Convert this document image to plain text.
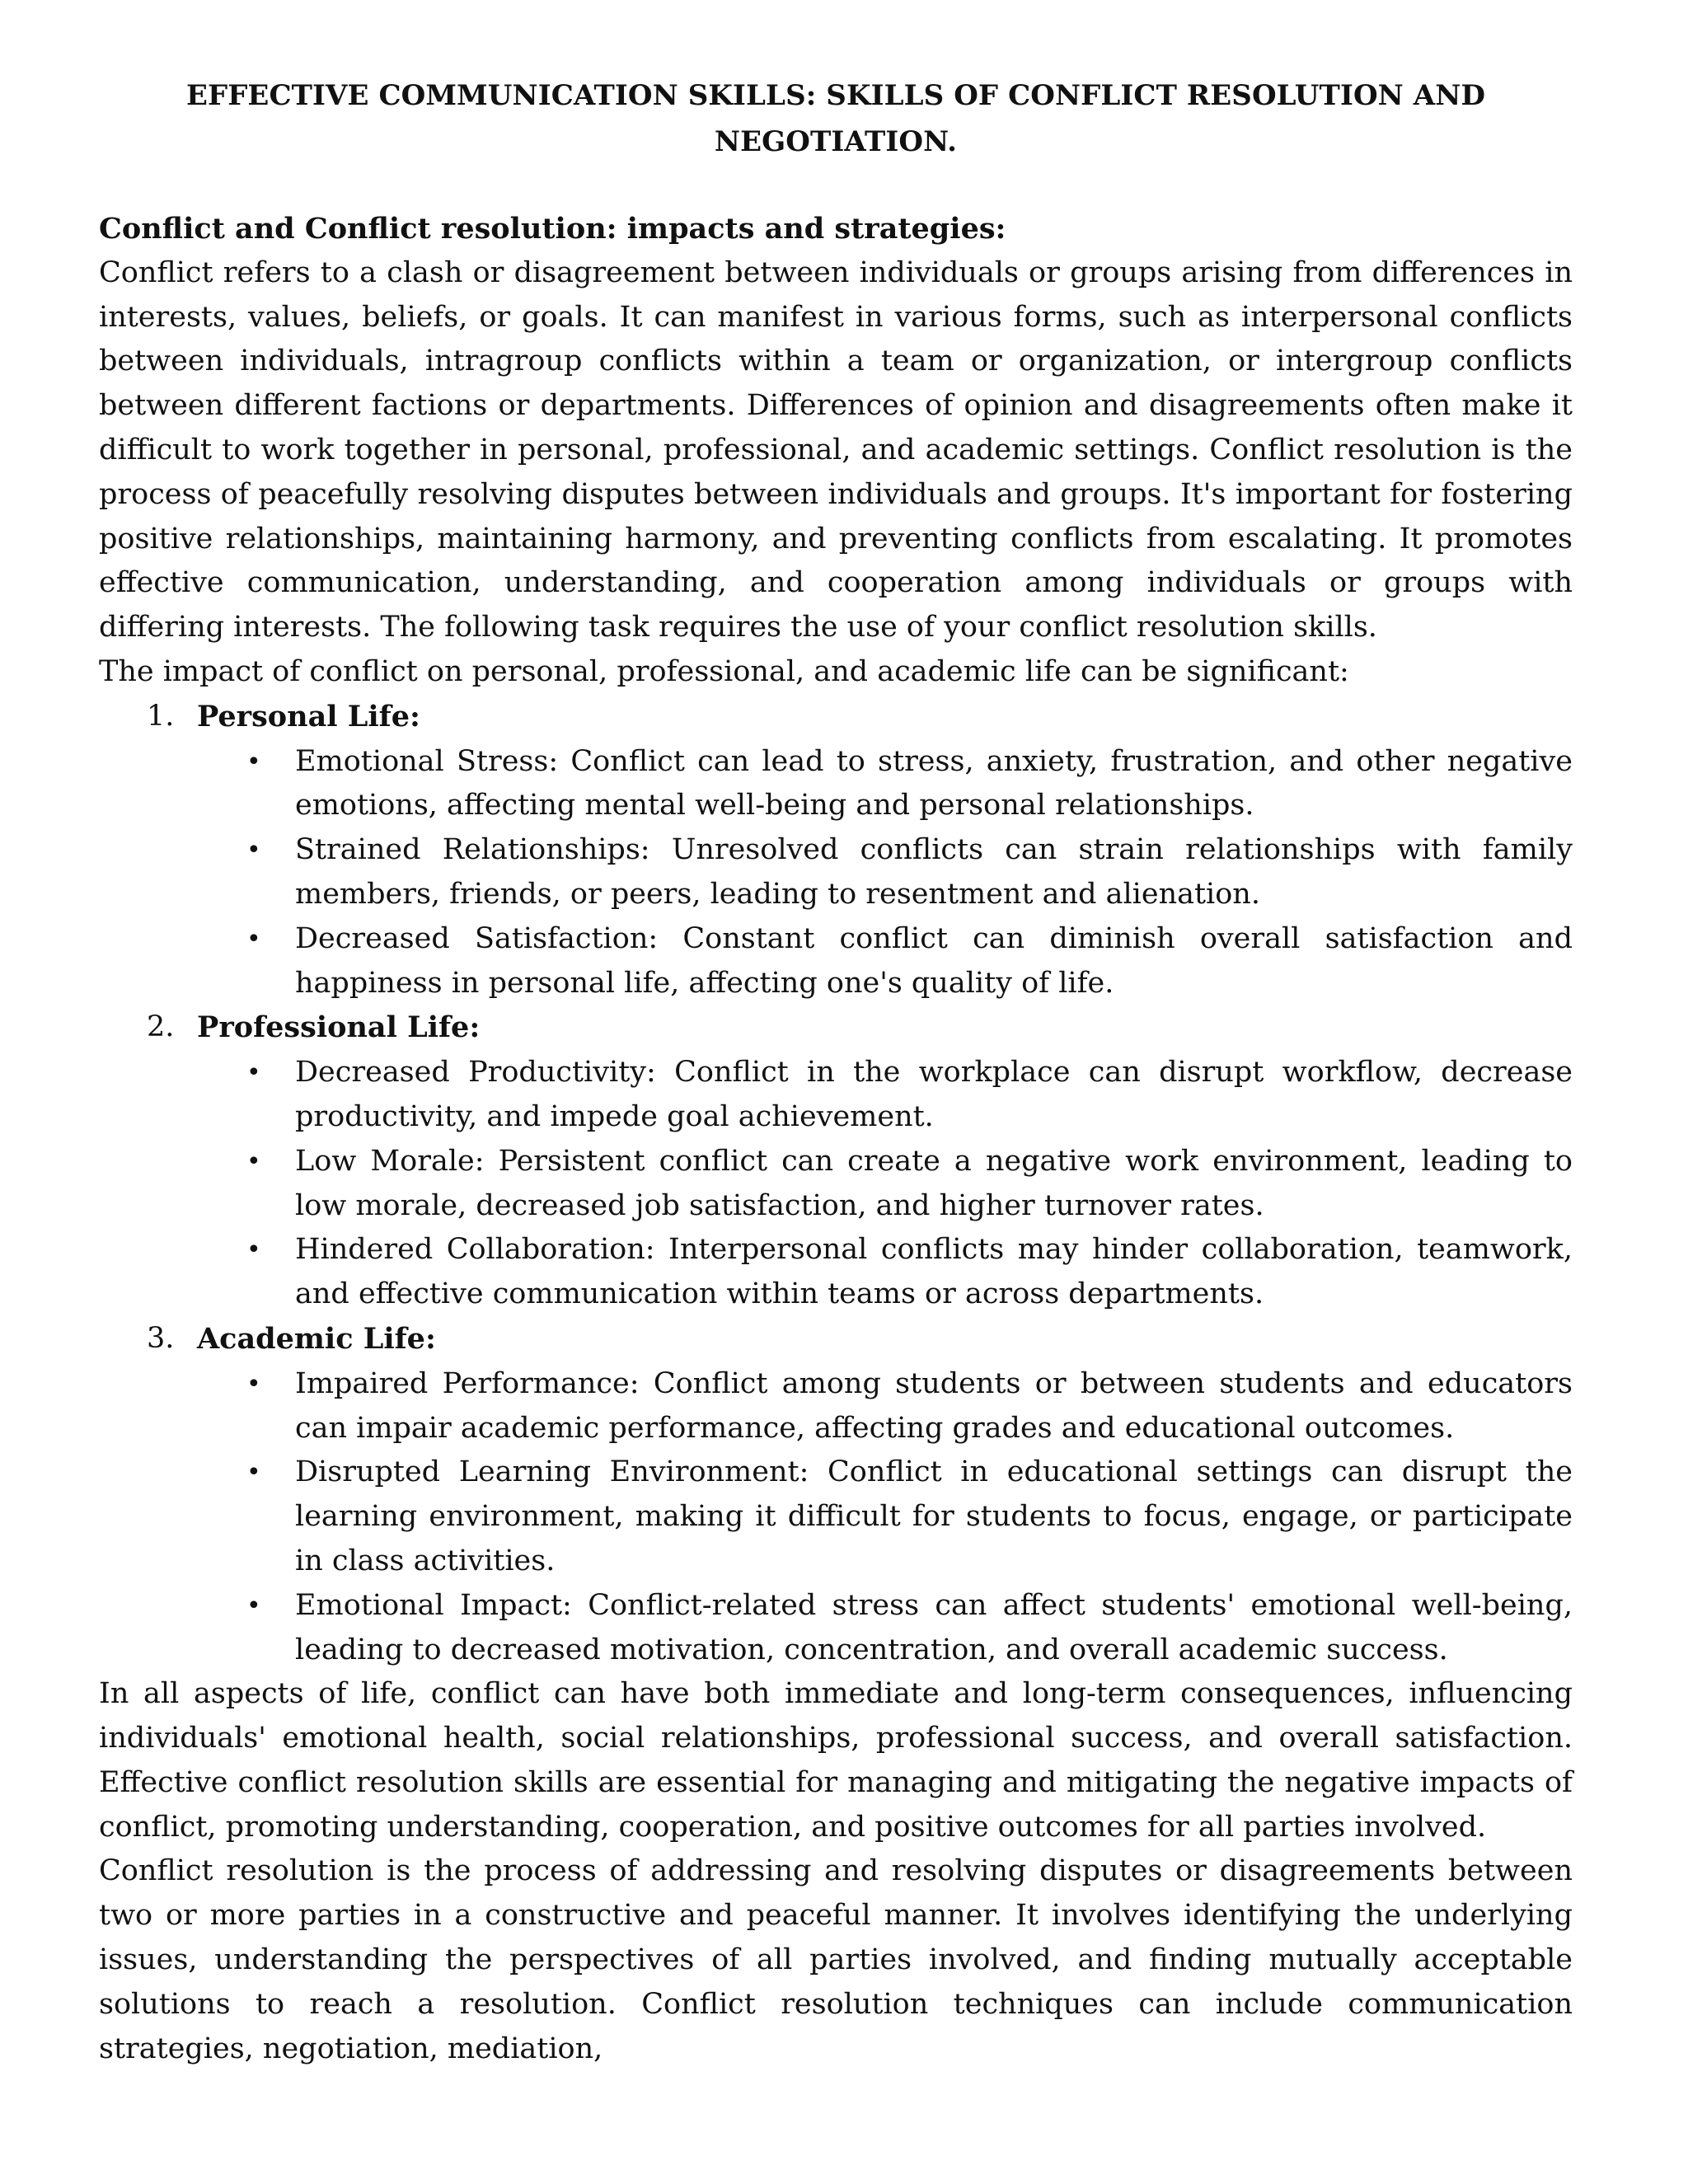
EFFECTIVE COMMUNICATION SKILLS: SKILLS OF CONFLICT RESOLUTION AND NEGOTIATION.
Conflict and Conflict resolution: impacts and strategies:
Conflict refers to a clash or disagreement between individuals or groups arising from differences in interests, values, beliefs, or goals. It can manifest in various forms, such as interpersonal conflicts between individuals, intragroup conflicts within a team or organization, or intergroup conflicts between different factions or departments. Differences of opinion and disagreements often make it difficult to work together in personal, professional, and academic settings. Conflict resolution is the process of peacefully resolving disputes between individuals and groups. It's important for fostering positive relationships, maintaining harmony, and preventing conflicts from escalating. It promotes effective communication, understanding, and cooperation among individuals or groups with differing interests. The following task requires the use of your conflict resolution skills.
The impact of conflict on personal, professional, and academic life can be significant:
1. Personal Life:
• Emotional Stress: Conflict can lead to stress, anxiety, frustration, and other negative emotions, affecting mental well-being and personal relationships.
• Strained Relationships: Unresolved conflicts can strain relationships with family members, friends, or peers, leading to resentment and alienation.
• Decreased Satisfaction: Constant conflict can diminish overall satisfaction and happiness in personal life, affecting one's quality of life.
2. Professional Life:
• Decreased Productivity: Conflict in the workplace can disrupt workflow, decrease productivity, and impede goal achievement.
• Low Morale: Persistent conflict can create a negative work environment, leading to low morale, decreased job satisfaction, and higher turnover rates.
• Hindered Collaboration: Interpersonal conflicts may hinder collaboration, teamwork, and effective communication within teams or across departments.
3. Academic Life:
• Impaired Performance: Conflict among students or between students and educators can impair academic performance, affecting grades and educational outcomes.
• Disrupted Learning Environment: Conflict in educational settings can disrupt the learning environment, making it difficult for students to focus, engage, or participate in class activities.
• Emotional Impact: Conflict-related stress can affect students' emotional well-being, leading to decreased motivation, concentration, and overall academic success.
In all aspects of life, conflict can have both immediate and long-term consequences, influencing individuals' emotional health, social relationships, professional success, and overall satisfaction. Effective conflict resolution skills are essential for managing and mitigating the negative impacts of conflict, promoting understanding, cooperation, and positive outcomes for all parties involved.
Conflict resolution is the process of addressing and resolving disputes or disagreements between two or more parties in a constructive and peaceful manner. It involves identifying the underlying issues, understanding the perspectives of all parties involved, and finding mutually acceptable solutions to reach a resolution. Conflict resolution techniques can include communication strategies, negotiation, mediation,
